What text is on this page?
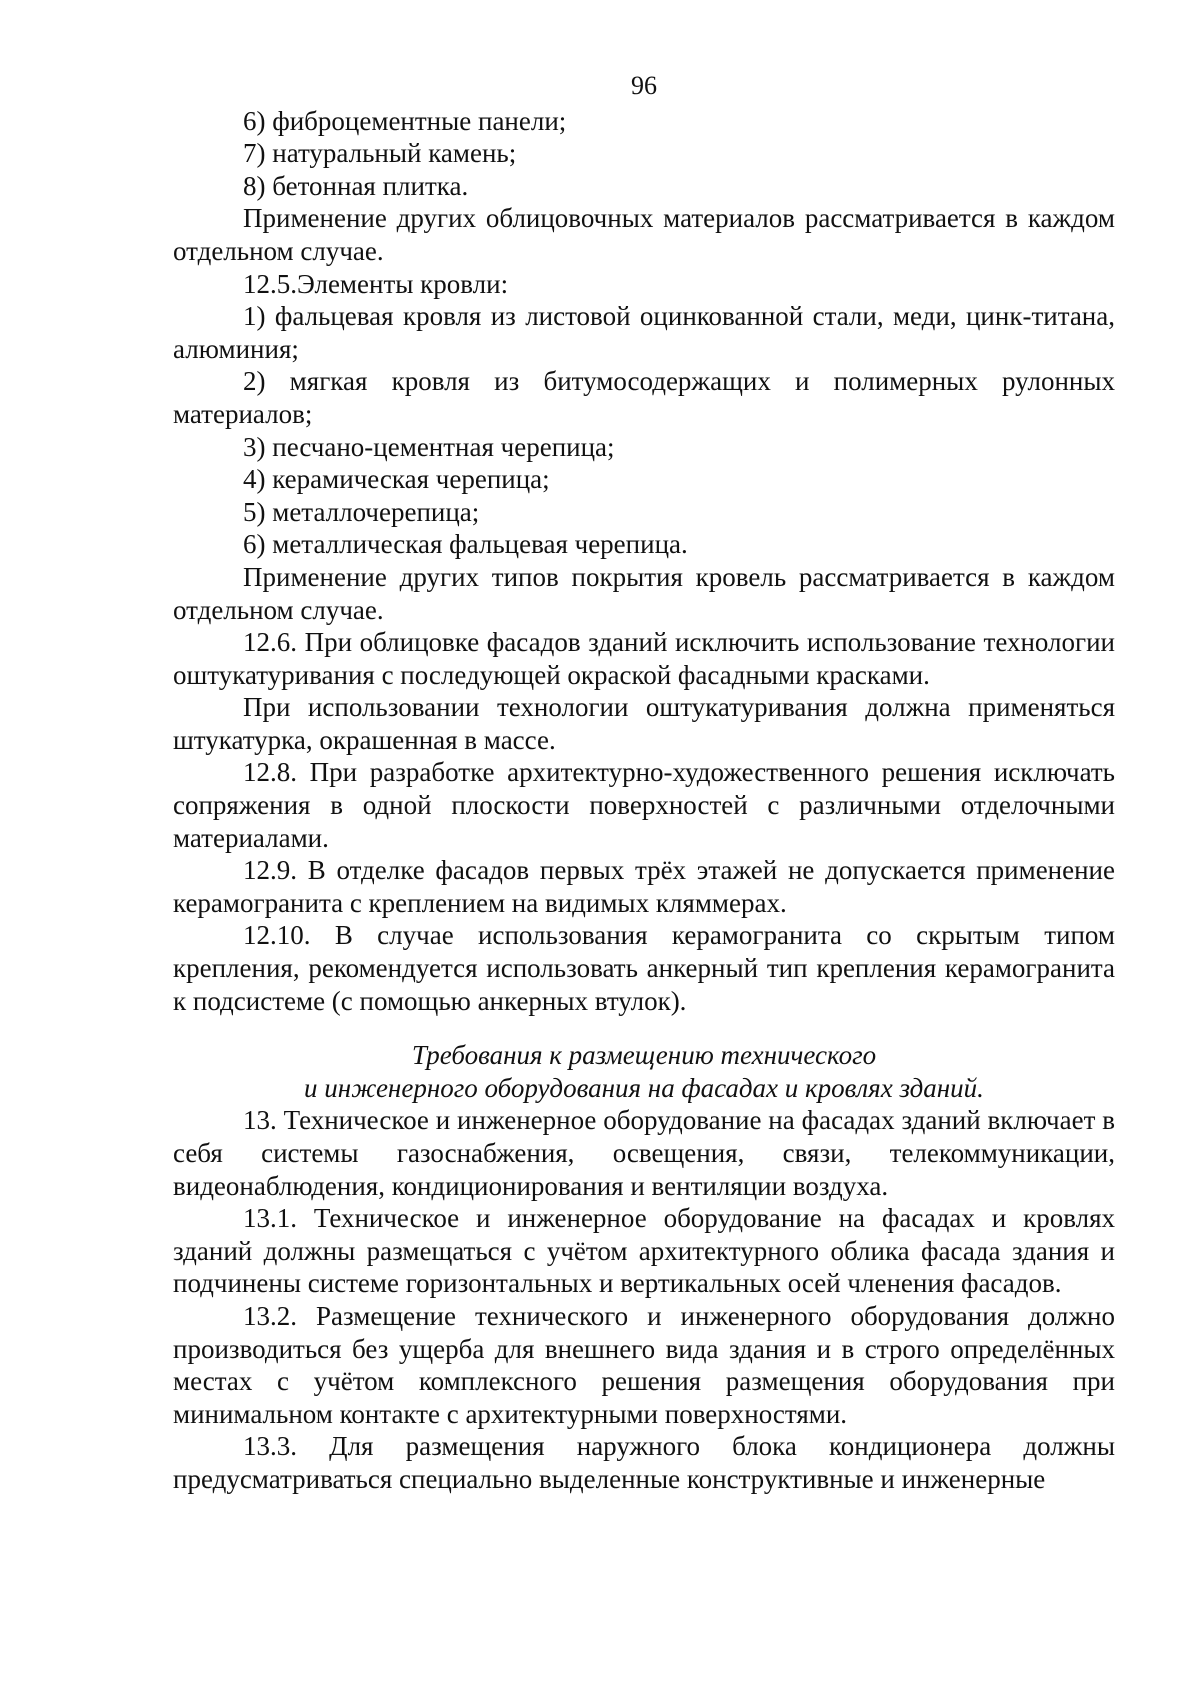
96

6) фиброцементные панели;

7) натуральный камень;

8) бетонная плитка.

Применение других облицовочных материалов рассматривается в каждом отдельном случае.

12.5.Элементы кровли:

1) фальцевая кровля из листовой оцинкованной стали, меди, цинк-титана, алюминия;

2) мягкая кровля из битумосодержащих и полимерных рулонных материалов;

3) песчано-цементная черепица;

4) керамическая черепица;

5) металлочерепица;

6) металлическая фальцевая черепица.

Применение других типов покрытия кровель рассматривается в каждом отдельном случае.

12.6. При облицовке фасадов зданий исключить использование технологии оштукатуривания с последующей окраской фасадными красками.

При использовании технологии оштукатуривания должна применяться штукатурка, окрашенная в массе.

12.8. При разработке архитектурно-художественного решения исключать сопряжения в одной плоскости поверхностей с различными отделочными материалами.

12.9. В отделке фасадов первых трёх этажей не допускается применение керамогранита с креплением на видимых кляммерах.

12.10. В случае использования керамогранита со скрытым типом крепления, рекомендуется использовать анкерный тип крепления керамогранита к подсистеме (с помощью анкерных втулок).

Требования к размещению технического

и инженерного оборудования на фасадах и кровлях зданий.

13. Техническое и инженерное оборудование на фасадах зданий включает в себя системы газоснабжения, освещения, связи, телекоммуникации, видеонаблюдения, кондиционирования и вентиляции воздуха.

13.1. Техническое и инженерное оборудование на фасадах и кровлях зданий должны размещаться с учётом архитектурного облика фасада здания и подчинены системе горизонтальных и вертикальных осей членения фасадов.

13.2. Размещение технического и инженерного оборудования должно производиться без ущерба для внешнего вида здания и в строго определённых местах с учётом комплексного решения размещения оборудования при минимальном контакте с архитектурными поверхностями.

13.3. Для размещения наружного блока кондиционера должны предусматриваться специально выделенные конструктивные и инженерные
